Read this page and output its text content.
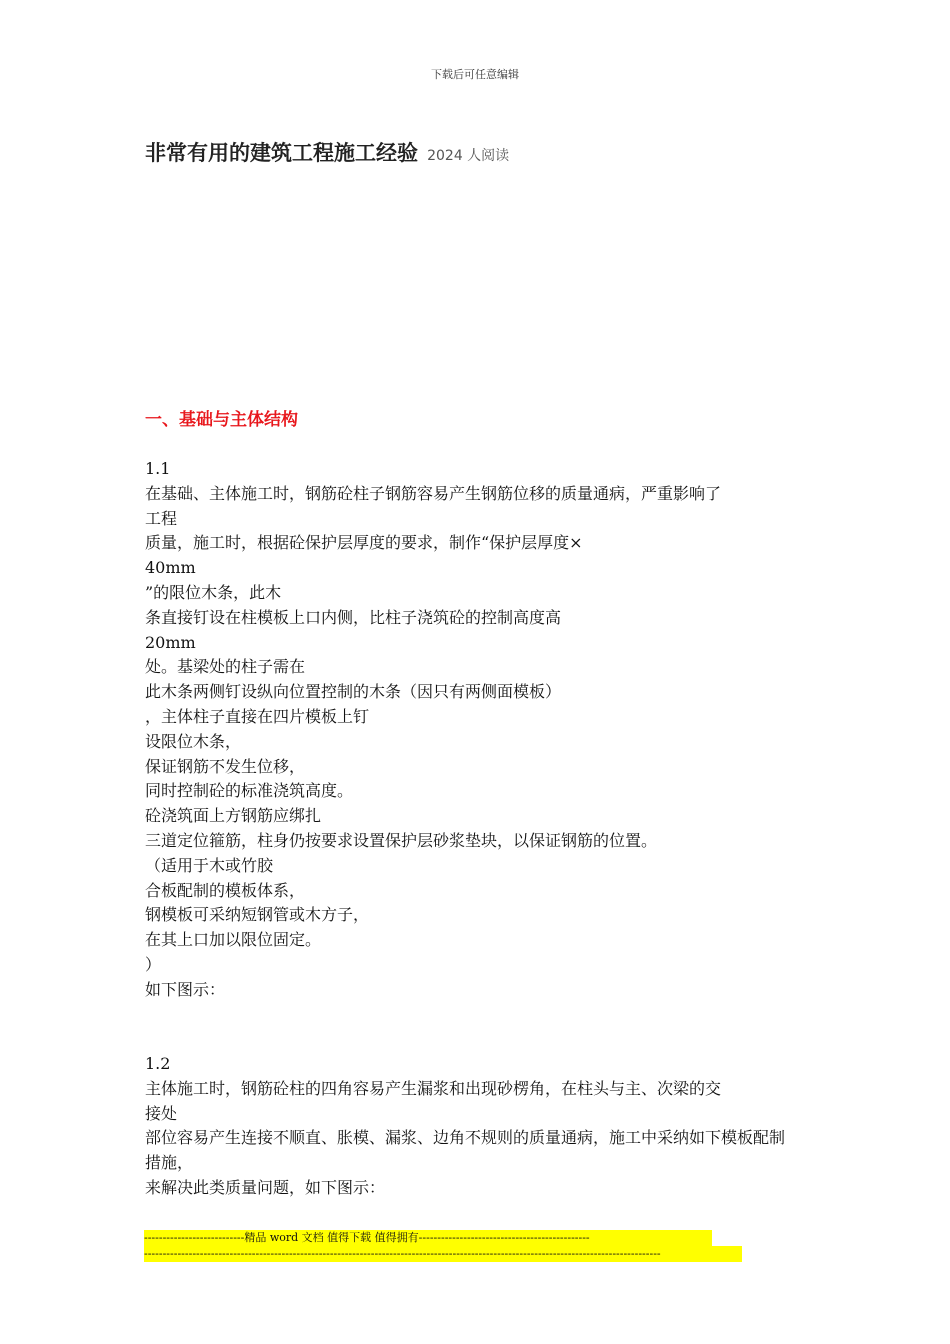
下载后可任意编辑
非常有用的建筑工程施工经验 2024 人阅读
一、基础与主体结构
1.1
在基础、主体施工时，钢筋砼柱子钢筋容易产生钢筋位移的质量通病，严重影响了
工程
质量，施工时，根据砼保护层厚度的要求，制作“保护层厚度×
40mm
”的限位木条，此木
条直接钉设在柱模板上口内侧，比柱子浇筑砼的控制高度高
20mm
处。基梁处的柱子需在
此木条两侧钉设纵向位置控制的木条（因只有两侧面模板）
，主体柱子直接在四片模板上钉
设限位木条，
保证钢筋不发生位移，
同时控制砼的标准浇筑高度。
砼浇筑面上方钢筋应绑扎
三道定位箍筋，柱身仍按要求设置保护层砂浆垫块，以保证钢筋的位置。
（适用于木或竹胶
合板配制的模板体系，
钢模板可采纳短钢管或木方子，
在其上口加以限位固定。
）
如下图示：
1.2
主体施工时，钢筋砼柱的四角容易产生漏浆和出现砂楞角，在柱头与主、次梁的交
接处
部位容易产生连接不顺直、胀模、漏浆、边角不规则的质量通病，施工中采纳如下模板配制
措施，
来解决此类质量问题，如下图示：
---------------------------精品 word 文档 值得下载 值得拥有----------------------------------------------
-------------------------------------------------------------------------------------------------------------------------------------------
